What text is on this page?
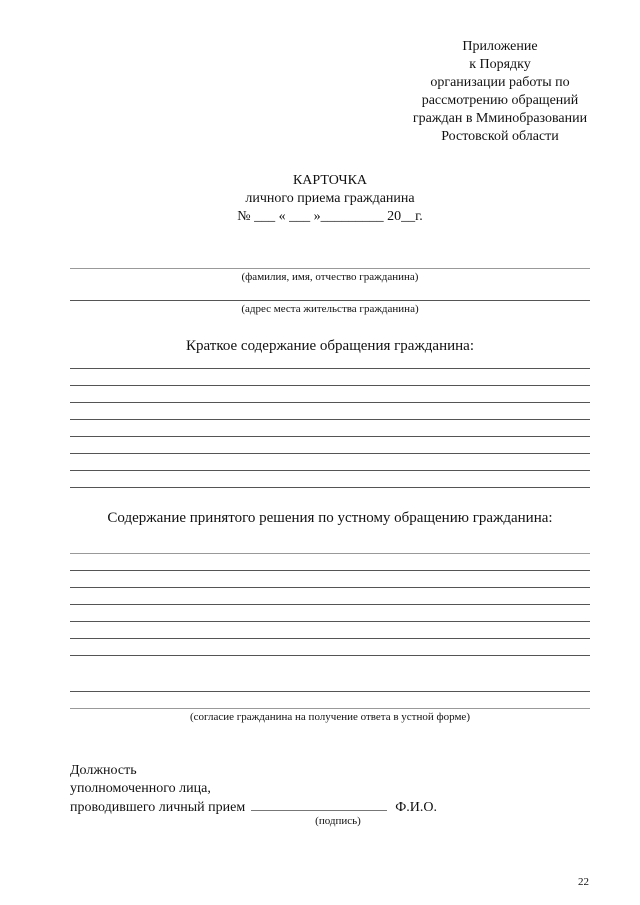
Приложение
к Порядку
организации работы по
рассмотрению обращений
граждан в Мминобразовании
Ростовской области
КАРТОЧКА
личного приема гражданина
№ ___ « ___ »_________ 20__г.
(фамилия, имя, отчество гражданина)
(адрес места жительства гражданина)
Краткое содержание обращения гражданина:
Содержание принятого решения по устному обращению гражданина:
(согласие гражданина на получение ответа в устной форме)
Должность
уполномоченного лица,
проводившего личный прием	Ф.И.О.
(подпись)
22
